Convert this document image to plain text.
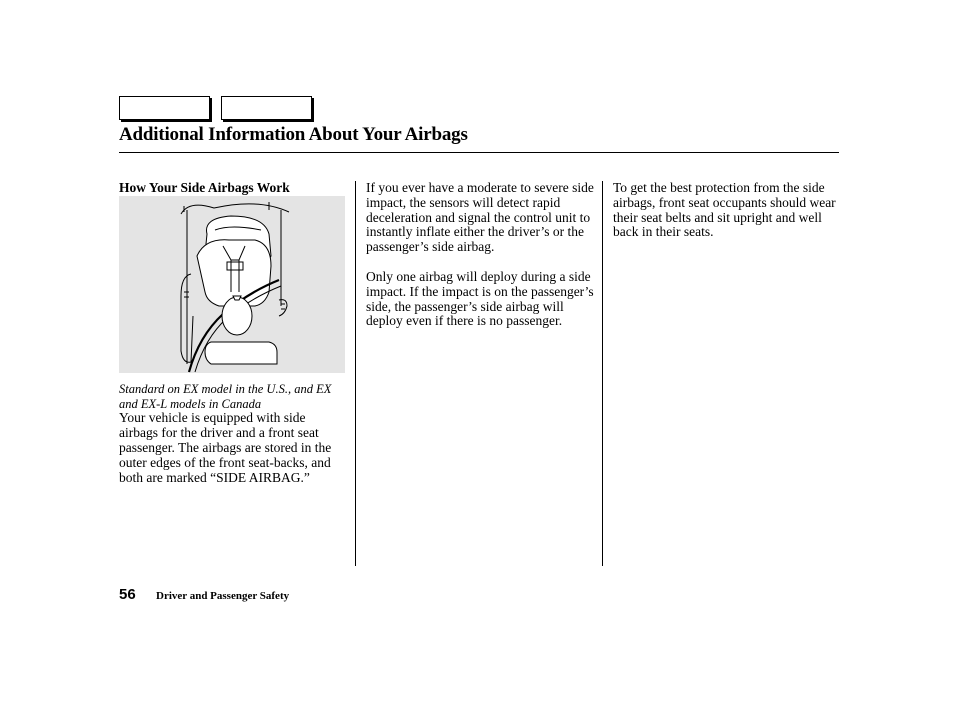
Additional Information About Your Airbags

How Your Side Airbags Work

Standard on EX model in the U.S., and EX and EX-L models in Canada

Your vehicle is equipped with side airbags for the driver and a front seat passenger. The airbags are stored in the outer edges of the front seat-backs, and both are marked “SIDE AIRBAG.”

If you ever have a moderate to severe side impact, the sensors will detect rapid deceleration and signal the control unit to instantly inflate either the driver’s or the passenger’s side airbag.

Only one airbag will deploy during a side impact. If the impact is on the passenger’s side, the passenger’s side airbag will deploy even if there is no passenger.

To get the best protection from the side airbags, front seat occupants should wear their seat belts and sit upright and well back in their seats.

56 Driver and Passenger Safety
